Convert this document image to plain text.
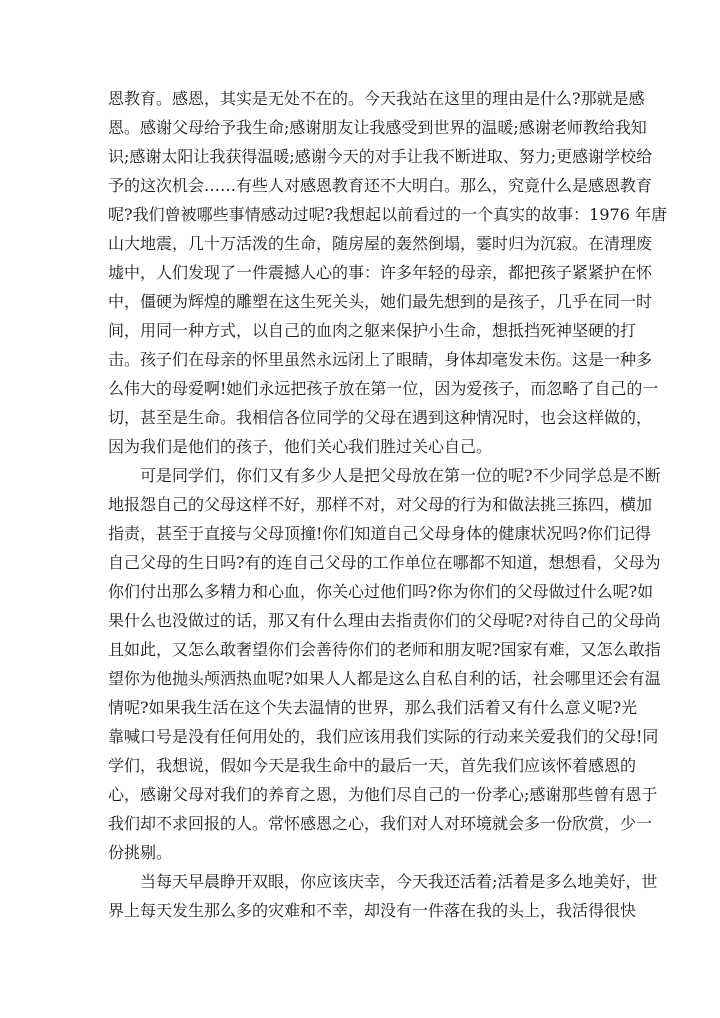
恩教育。感恩，其实是无处不在的。今天我站在这里的理由是什么?那就是感
恩。感谢父母给予我生命;感谢朋友让我感受到世界的温暖;感谢老师教给我知
识;感谢太阳让我获得温暖;感谢今天的对手让我不断进取、努力;更感谢学校给
予的这次机会……有些人对感恩教育还不大明白。那么，究竟什么是感恩教育
呢?我们曾被哪些事情感动过呢?我想起以前看过的一个真实的故事：1976 年唐
山大地震，几十万活泼的生命，随房屋的轰然倒塌，霎时归为沉寂。在清理废
墟中，人们发现了一件震撼人心的事：许多年轻的母亲，都把孩子紧紧护在怀
中，僵硬为辉煌的雕塑在这生死关头，她们最先想到的是孩子，几乎在同一时
间，用同一种方式，以自己的血肉之躯来保护小生命，想抵挡死神坚硬的打
击。孩子们在母亲的怀里虽然永远闭上了眼睛，身体却毫发未伤。这是一种多
么伟大的母爱啊!她们永远把孩子放在第一位，因为爱孩子，而忽略了自己的一
切，甚至是生命。我相信各位同学的父母在遇到这种情况时，也会这样做的，
因为我们是他们的孩子，他们关心我们胜过关心自己。
可是同学们，你们又有多少人是把父母放在第一位的呢?不少同学总是不断
地报怨自己的父母这样不好，那样不对，对父母的行为和做法挑三拣四，横加
指责，甚至于直接与父母顶撞!你们知道自己父母身体的健康状况吗?你们记得
自己父母的生日吗?有的连自己父母的工作单位在哪都不知道，想想看，父母为
你们付出那么多精力和心血，你关心过他们吗?你为你们的父母做过什么呢?如
果什么也没做过的话，那又有什么理由去指责你们的父母呢?对待自己的父母尚
且如此，又怎么敢奢望你们会善待你们的老师和朋友呢?国家有难，又怎么敢指
望你为他抛头颅洒热血呢?如果人人都是这么自私自利的话，社会哪里还会有温
情呢?如果我生活在这个失去温情的世界，那么我们活着又有什么意义呢?光
靠喊口号是没有任何用处的，我们应该用我们实际的行动来关爱我们的父母!同
学们，我想说，假如今天是我生命中的最后一天，首先我们应该怀着感恩的
心，感谢父母对我们的养育之恩，为他们尽自己的一份孝心;感谢那些曾有恩于
我们却不求回报的人。常怀感恩之心，我们对人对环境就会多一份欣赏，少一
份挑剔。
当每天早晨睁开双眼，你应该庆幸，今天我还活着;活着是多么地美好，世
界上每天发生那么多的灾难和不幸，却没有一件落在我的头上，我活得很快
